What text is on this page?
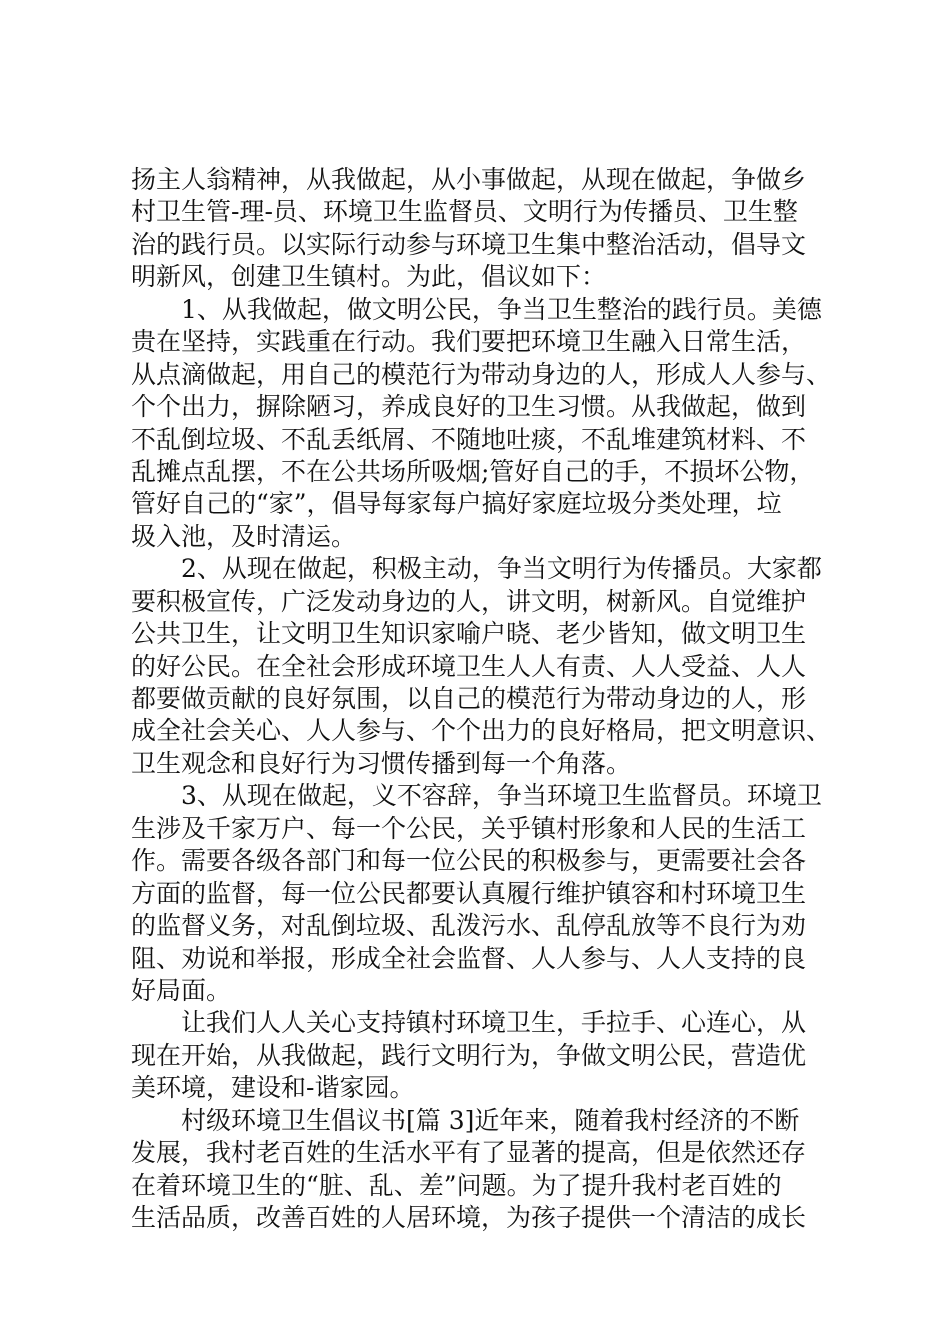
扬主人翁精神，从我做起，从小事做起，从现在做起，争做乡
村卫生管-理-员、环境卫生监督员、文明行为传播员、卫生整
治的践行员。以实际行动参与环境卫生集中整治活动，倡导文
明新风，创建卫生镇村。为此，倡议如下：
1、从我做起，做文明公民，争当卫生整治的践行员。美德
贵在坚持，实践重在行动。我们要把环境卫生融入日常生活，
从点滴做起，用自己的模范行为带动身边的人，形成人人参与、
个个出力，摒除陋习，养成良好的卫生习惯。从我做起，做到
不乱倒垃圾、不乱丢纸屑、不随地吐痰，不乱堆建筑材料、不
乱摊点乱摆，不在公共场所吸烟;管好自己的手，不损坏公物，
管好自己的“家”，倡导每家每户搞好家庭垃圾分类处理，垃
圾入池，及时清运。
2、从现在做起，积极主动，争当文明行为传播员。大家都
要积极宣传，广泛发动身边的人，讲文明，树新风。自觉维护
公共卫生，让文明卫生知识家喻户晓、老少皆知，做文明卫生
的好公民。在全社会形成环境卫生人人有责、人人受益、人人
都要做贡献的良好氛围，以自己的模范行为带动身边的人，形
成全社会关心、人人参与、个个出力的良好格局，把文明意识、
卫生观念和良好行为习惯传播到每一个角落。
3、从现在做起，义不容辞，争当环境卫生监督员。环境卫
生涉及千家万户、每一个公民，关乎镇村形象和人民的生活工
作。需要各级各部门和每一位公民的积极参与，更需要社会各
方面的监督，每一位公民都要认真履行维护镇容和村环境卫生
的监督义务，对乱倒垃圾、乱泼污水、乱停乱放等不良行为劝
阻、劝说和举报，形成全社会监督、人人参与、人人支持的良
好局面。
让我们人人关心支持镇村环境卫生，手拉手、心连心，从
现在开始，从我做起，践行文明行为，争做文明公民，营造优
美环境，建设和-谐家园。
村级环境卫生倡议书[篇 3]近年来，随着我村经济的不断
发展，我村老百姓的生活水平有了显著的提高，但是依然还存
在着环境卫生的“脏、乱、差”问题。为了提升我村老百姓的
生活品质，改善百姓的人居环境，为孩子提供一个清洁的成长
